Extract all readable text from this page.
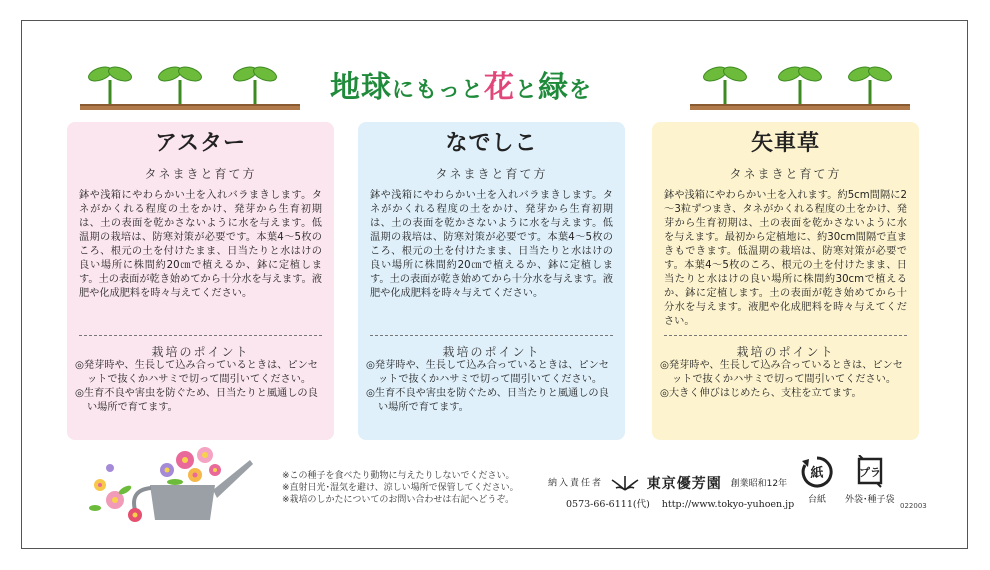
地球にもっと花と緑を
アスター
タネまきと育て方
鉢や浅箱にやわらかい土を入れバラまきします。タネがかくれる程度の土をかけ、発芽から生育初期は、土の表面を乾かさないように水を与えます。低温期の栽培は、防寒対策が必要です。本葉4～5枚のころ、根元の土を付けたまま、日当たりと水はけの良い場所に株間約20㎝で植えるか、鉢に定植します。土の表面が乾き始めてから十分水を与えます。液肥や化成肥料を時々与えてください。
栽培のポイント

◎発芽時や、生長して込み合っているときは、ピンセットで抜くかハサミで切って間引いてください。

◎生育不良や害虫を防ぐため、日当たりと風通しの良い場所で育てます。

なでしこ
タネまきと育て方
鉢や浅箱にやわらかい土を入れバラまきします。タネがかくれる程度の土をかけ、発芽から生育初期は、土の表面を乾かさないように水を与えます。低温期の栽培は、防寒対策が必要です。本葉4～5枚のころ、根元の土を付けたまま、日当たりと水はけの良い場所に株間約20㎝で植えるか、鉢に定植します。土の表面が乾き始めてから十分水を与えます。液肥や化成肥料を時々与えてください。
栽培のポイント

◎発芽時や、生長して込み合っているときは、ピンセットで抜くかハサミで切って間引いてください。

◎生育不良や害虫を防ぐため、日当たりと風通しの良い場所で育てます。

矢車草
タネまきと育て方
鉢や浅箱にやわらかい土を入れます。約5cm間隔に2～3粒ずつまき、タネがかくれる程度の土をかけ、発芽から生育初期は、土の表面を乾かさないように水を与えます。最初から定植地に、約30cm間隔で直まきもできます。低温期の栽培は、防寒対策が必要です。本葉4～5枚のころ、根元の土を付けたまま、日当たりと水はけの良い場所に株間約30cmで植えるか、鉢に定植します。土の表面が乾き始めてから十分水を与えます。液肥や化成肥料を時々与えてください。
栽培のポイント

◎発芽時や、生長して込み合っているときは、ピンセットで抜くかハサミで切って間引いてください。

◎大きく伸びはじめたら、支柱を立てます。

※この種子を食べたり動物に与えたりしないでください。

※直射日光･湿気を避け、涼しい場所で保管してください。

※栽培のしかたについてのお問い合わせは右記へどうぞ。

納入責任者	東京優芳園 創業昭和12年
0573-66-6111(代) http://www.tokyo-yuhoen.jp
紙
台紙
プラ
外袋･種子袋
022003
